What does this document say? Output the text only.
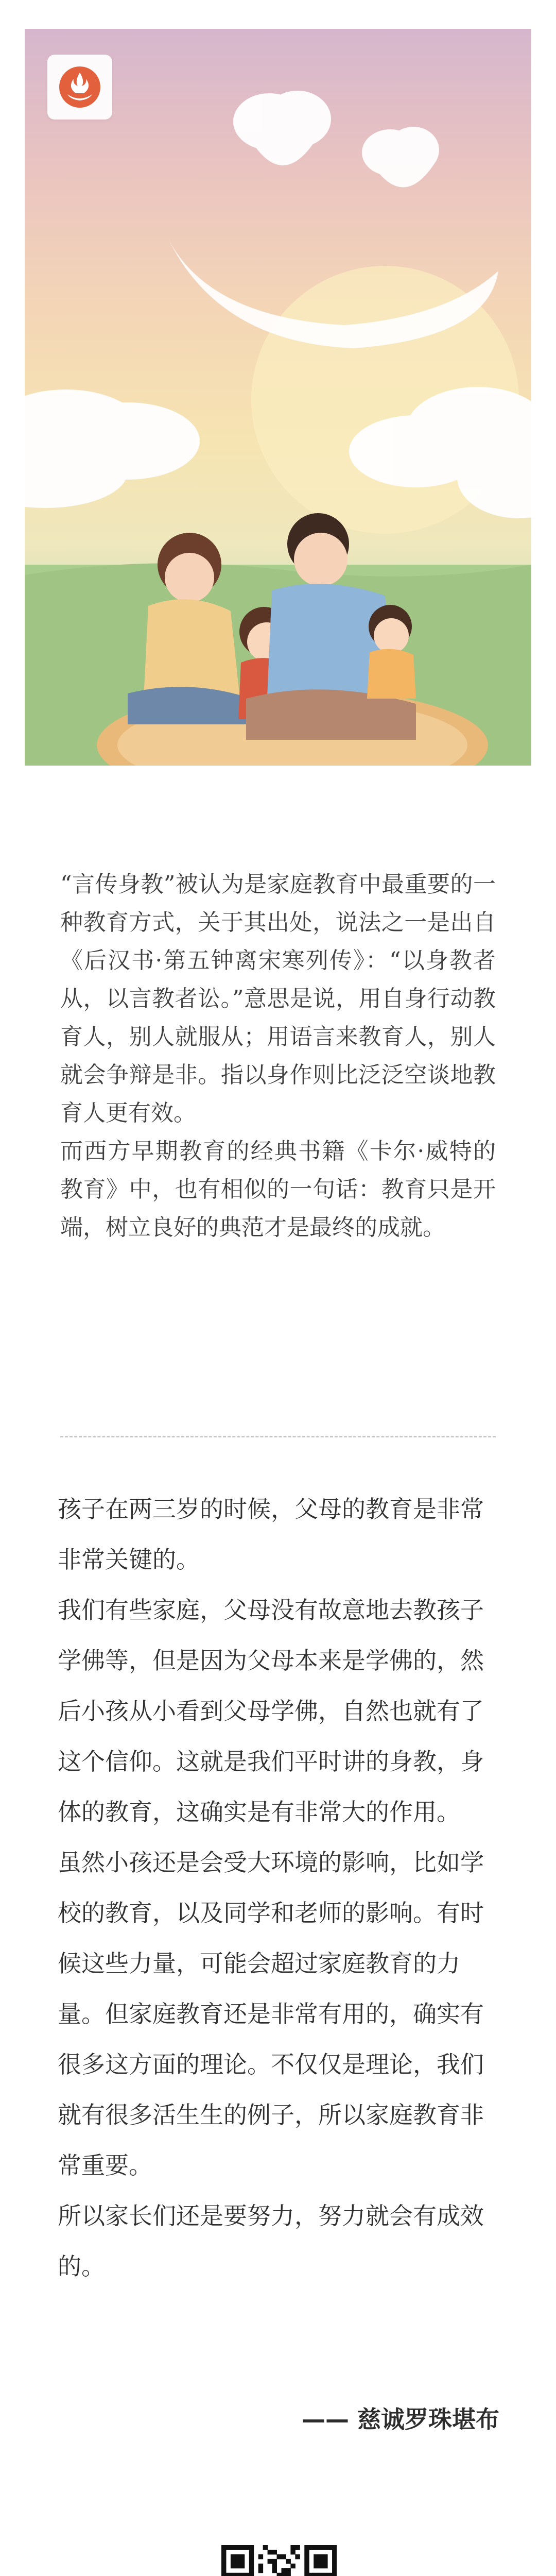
“言传身教”被认为是家庭教育中最重要的一种教育方式，关于其出处，说法之一是出自《后汉书·第五钟离宋寒列传》：“以身教者从，以言教者讼。”意思是说，用自身行动教育人，别人就服从；用语言来教育人，别人就会争辩是非。指以身作则比泛泛空谈地教育人更有效。

而西方早期教育的经典书籍《卡尔·威特的教育》中，也有相似的一句话：教育只是开端，树立良好的典范才是最终的成就。

孩子在两三岁的时候，父母的教育是非常非常关键的。

我们有些家庭，父母没有故意地去教孩子学佛等，但是因为父母本来是学佛的，然后小孩从小看到父母学佛，自然也就有了这个信仰。这就是我们平时讲的身教，身体的教育，这确实是有非常大的作用。

虽然小孩还是会受大环境的影响，比如学校的教育，以及同学和老师的影响。有时候这些力量，可能会超过家庭教育的力量。但家庭教育还是非常有用的，确实有很多这方面的理论。不仅仅是理论，我们就有很多活生生的例子，所以家庭教育非常重要。

所以家长们还是要努力，努力就会有成效的。

—— 慈诚罗珠堪布
